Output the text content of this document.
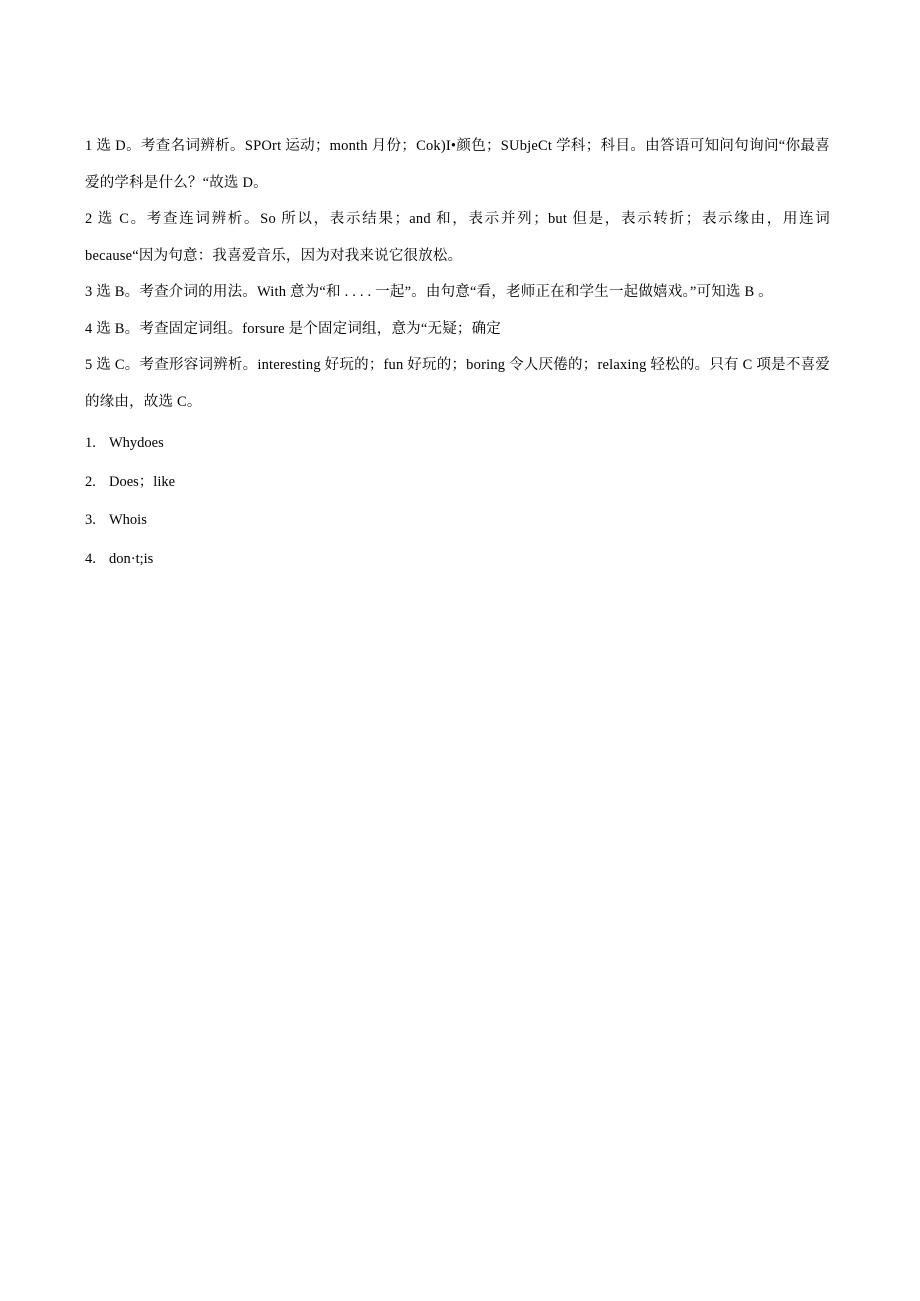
1 选 D。考查名词辨析。SPOrt 运动；month 月份；Cok)I•颜色；SUbjeCt 学科；科目。由答语可知问句询问“你最喜爱的学科是什么？“故选 D。

2 选 C。考查连词辨析。So 所以，表示结果；and 和，表示并列；but 但是，表示转折；表示缘由，用连词 because“因为句意：我喜爱音乐，因为对我来说它很放松。

3 选 B。考查介词的用法。With 意为“和 . . . . 一起”。由句意“看，老师正在和学生一起做嬉戏。”可知选 B 。

4 选 B。考查固定词组。forsure 是个固定词组，意为“无疑；确定

5 选 C。考查形容词辨析。interesting 好玩的；fun 好玩的；boring 令人厌倦的；relaxing 轻松的。只有 C 项是不喜爱的缘由，故选 C。

1. Whydoes
2. Does；like
3. Whois
4. don·t;is
